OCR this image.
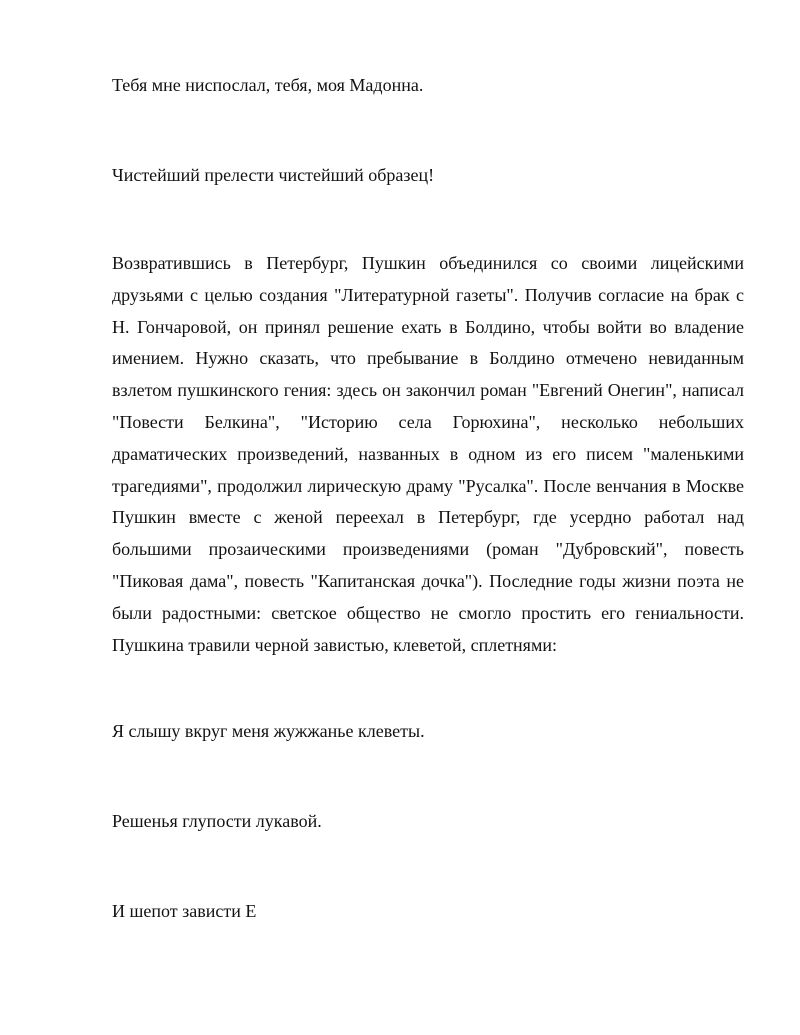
Тебя мне ниспослал, тебя, моя Мадонна.

Чистейший прелести чистейший образец!

Возвратившись в Петербург, Пушкин объединился со своими лицейскими друзьями с целью создания "Литературной газеты". Получив согласие на брак с Н. Гончаровой, он принял решение ехать в Болдино, чтобы войти во владение имением. Нужно сказать, что пребывание в Болдино отмечено невиданным взлетом пушкинского гения: здесь он закончил роман "Евгений Онегин", написал "Повести Белкина", "Историю села Горюхина", несколько небольших драматических произведений, названных в одном из его писем "маленькими трагедиями", продолжил лирическую драму "Русалка". После венчания в Москве Пушкин вместе с женой переехал в Петербург, где усердно работал над большими прозаическими произведениями (роман "Дубровский", повесть "Пиковая дама", повесть "Капитанская дочка"). Последние годы жизни поэта не были радостными: светское общество не смогло простить его гениальности. Пушкина травили черной завистью, клеветой, сплетнями:

Я слышу вкруг меня жужжанье клеветы.

Решенья глупости лукавой.

И шепот зависти Е
